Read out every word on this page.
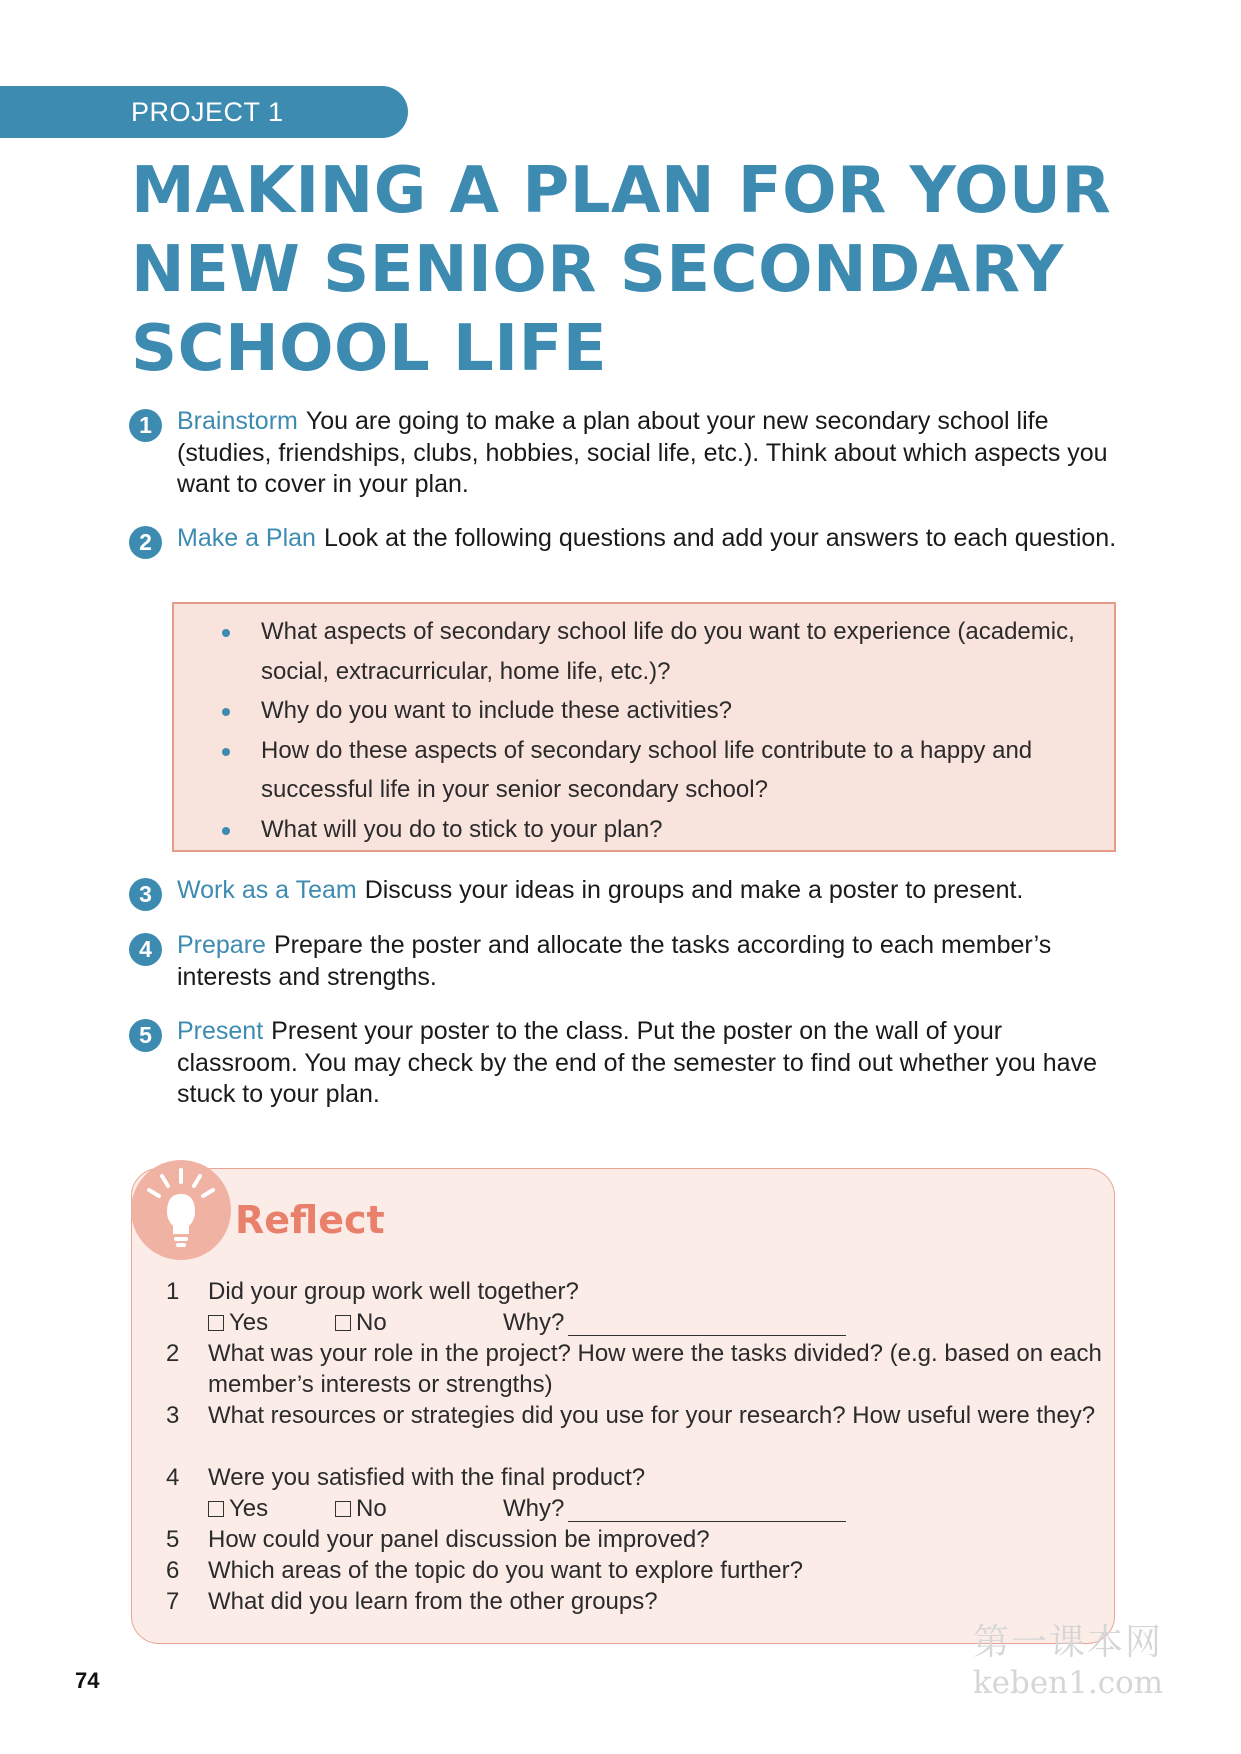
PROJECT 1
MAKING A PLAN FOR YOUR
NEW SENIOR SECONDARY
SCHOOL LIFE
1	Brainstorm You are going to make a plan about your new secondary school life (studies, friendships, clubs, hobbies, social life, etc.). Think about which aspects you want to cover in your plan.
2	Make a Plan Look at the following questions and add your answers to each question.
What aspects of secondary school life do you want to experience (academic, social, extracurricular, home life, etc.)?
Why do you want to include these activities?
How do these aspects of secondary school life contribute to a happy and successful life in your senior secondary school?
What will you do to stick to your plan?
3	Work as a Team Discuss your ideas in groups and make a poster to present.
4	Prepare Prepare the poster and allocate the tasks according to each member’s interests and strengths.
5	Present Present your poster to the class. Put the poster on the wall of your classroom. You may check by the end of the semester to find out whether you have stuck to your plan.
Reflect
1 Did your group work well together?
Yes	No	Why?
2 What was your role in the project? How were the tasks divided? (e.g. based on each member’s interests or strengths)
3 What resources or strategies did you use for your research? How useful were they?
4 Were you satisfied with the final product?
Yes	No	Why?
5 How could your panel discussion be improved?
6 Which areas of the topic do you want to explore further?
7 What did you learn from the other groups?
74
第一课本网
keben1.com
